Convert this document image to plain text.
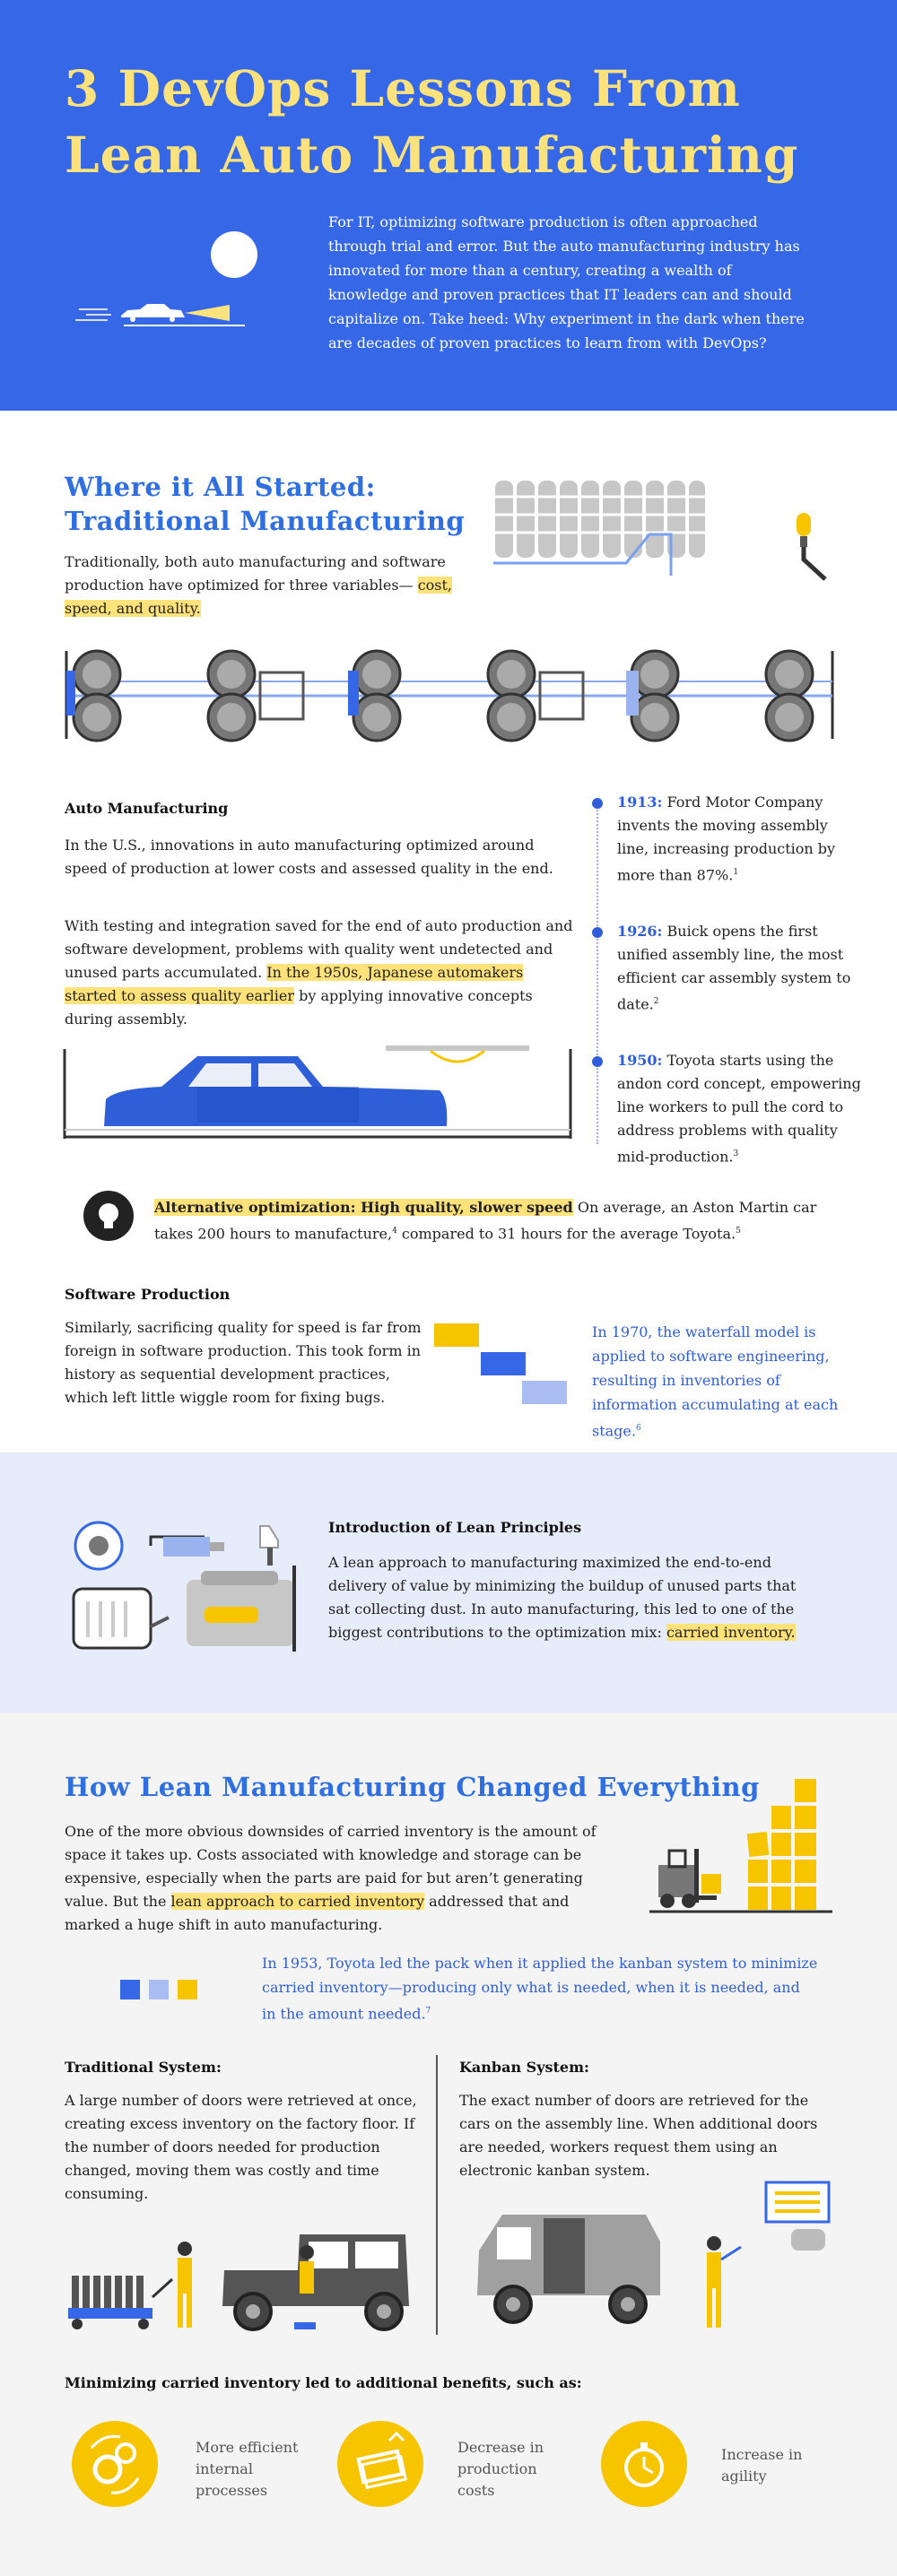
3 DevOps Lessons From
Lean Auto Manufacturing
For IT, optimizing software production is often approached through trial and error. But the auto manufacturing industry has innovated for more than a century, creating a wealth of knowledge and proven practices that IT leaders can and should capitalize on. Take heed: Why experiment in the dark when there are decades of proven practices to learn from with DevOps?
Where it All Started:
Traditional Manufacturing
Traditionally, both auto manufacturing and software production have optimized for three variables— cost, speed, and quality.
Auto Manufacturing
In the U.S., innovations in auto manufacturing optimized around speed of production at lower costs and assessed quality in the end.
With testing and integration saved for the end of auto production and software development, problems with quality went undetected and unused parts accumulated. In the 1950s, Japanese automakers started to assess quality earlier by applying innovative concepts during assembly.
1913: Ford Motor Company invents the moving assembly line, increasing production by more than 87%.$^1$
1926: Buick opens the first unified assembly line, the most efficient car assembly system to date.$^2$
1950: Toyota starts using the andon cord concept, empowering line workers to pull the cord to address problems with quality mid-production.$^3$
Alternative optimization: High quality, slower speed On average, an Aston Martin car takes 200 hours to manufacture,$^4$ compared to 31 hours for the average Toyota.$^5$
Software Production
Similarly, sacrificing quality for speed is far from foreign in software production. This took form in history as sequential development practices, which left little wiggle room for fixing bugs.
In 1970, the waterfall model is applied to software engineering, resulting in inventories of information accumulating at each stage.$^6$
Introduction of Lean Principles
A lean approach to manufacturing maximized the end-to-end delivery of value by minimizing the buildup of unused parts that sat collecting dust. In auto manufacturing, this led to one of the biggest contributions to the optimization mix: carried inventory.
How Lean Manufacturing Changed Everything
One of the more obvious downsides of carried inventory is the amount of space it takes up. Costs associated with knowledge and storage can be expensive, especially when the parts are paid for but aren’t generating value. But the lean approach to carried inventory addressed that and marked a huge shift in auto manufacturing.
In 1953, Toyota led the pack when it applied the kanban system to minimize carried inventory—producing only what is needed, when it is needed, and in the amount needed.$^7$
Traditional System:
A large number of doors were retrieved at once, creating excess inventory on the factory floor. If the number of doors needed for production changed, moving them was costly and time consuming.
Kanban System:
The exact number of doors are retrieved for the cars on the assembly line. When additional doors are needed, workers request them using an electronic kanban system.
Minimizing carried inventory led to additional benefits, such as:
More efficient internal processes
Decrease in production costs
Increase in agility
